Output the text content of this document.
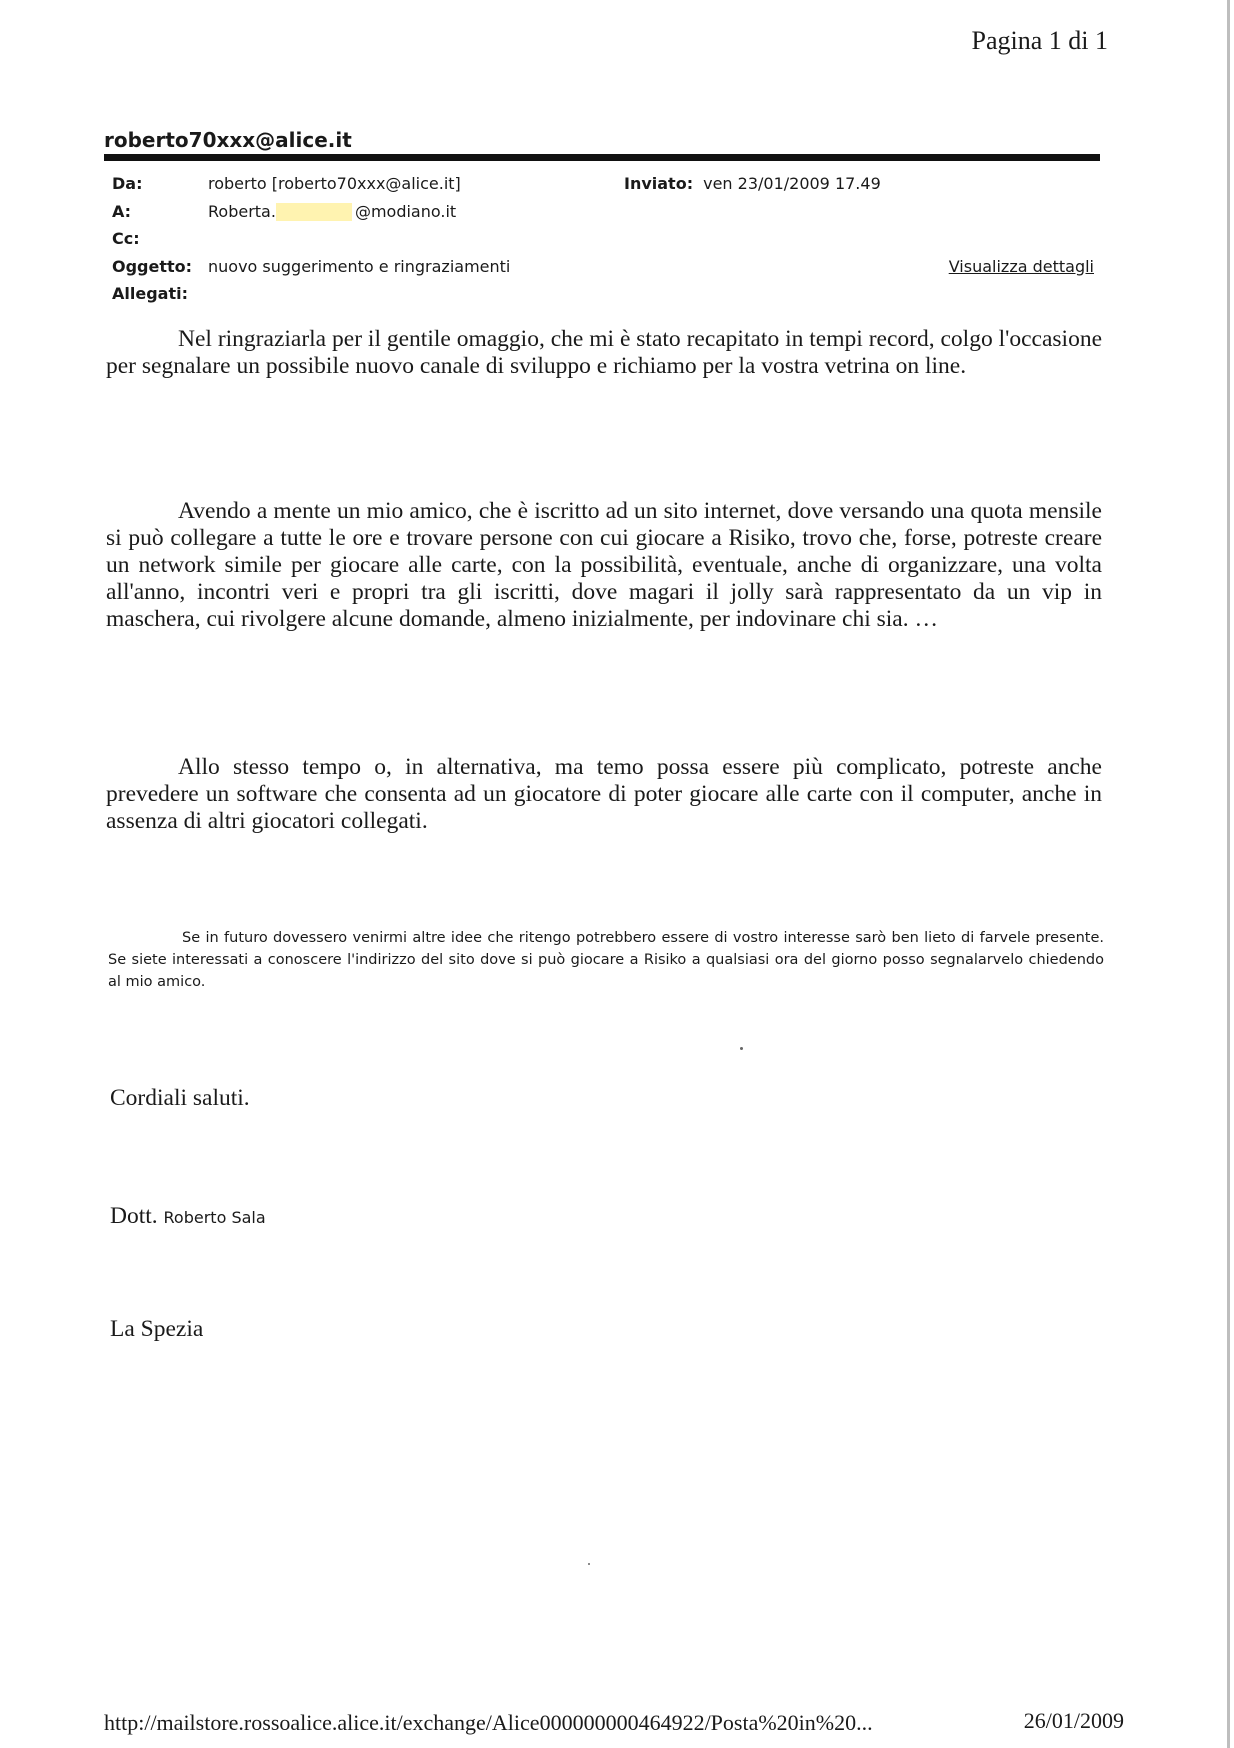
Pagina 1 di 1
roberto70xxx@alice.it
Da:	roberto [roberto70xxx@alice.it]	Inviato: ven 23/01/2009 17.49
A:	Roberta.	@modiano.it
Cc:
Oggetto: nuovo suggerimento e ringraziamenti	Visualizza dettagli
Allegati:

Nel ringraziarla per il gentile omaggio, che mi è stato recapitato in tempi record, colgo l'occasione per segnalare un possibile nuovo canale di sviluppo e richiamo per la vostra vetrina on line.

Avendo a mente un mio amico, che è iscritto ad un sito internet, dove versando una quota mensile si può collegare a tutte le ore e trovare persone con cui giocare a Risiko, trovo che, forse, potreste creare un network simile per giocare alle carte, con la possibilità, eventuale, anche di organizzare, una volta all'anno, incontri veri e propri tra gli iscritti, dove magari il jolly sarà rappresentato da un vip in maschera, cui rivolgere alcune domande, almeno inizialmente, per indovinare chi sia. …

Allo stesso tempo o, in alternativa, ma temo possa essere più complicato, potreste anche prevedere un software che consenta ad un giocatore di poter giocare alle carte con il computer, anche in assenza di altri giocatori collegati.

Se in futuro dovessero venirmi altre idee che ritengo potrebbero essere di vostro interesse sarò ben lieto di farvele presente. Se siete interessati a conoscere l'indirizzo del sito dove si può giocare a Risiko a qualsiasi ora del giorno posso segnalarvelo chiedendo al mio amico.

Cordiali saluti.
Dott. Roberto Sala
La Spezia
http://mailstore.rossoalice.alice.it/exchange/Alice000000000464922/Posta%20in%20...	26/01/2009
